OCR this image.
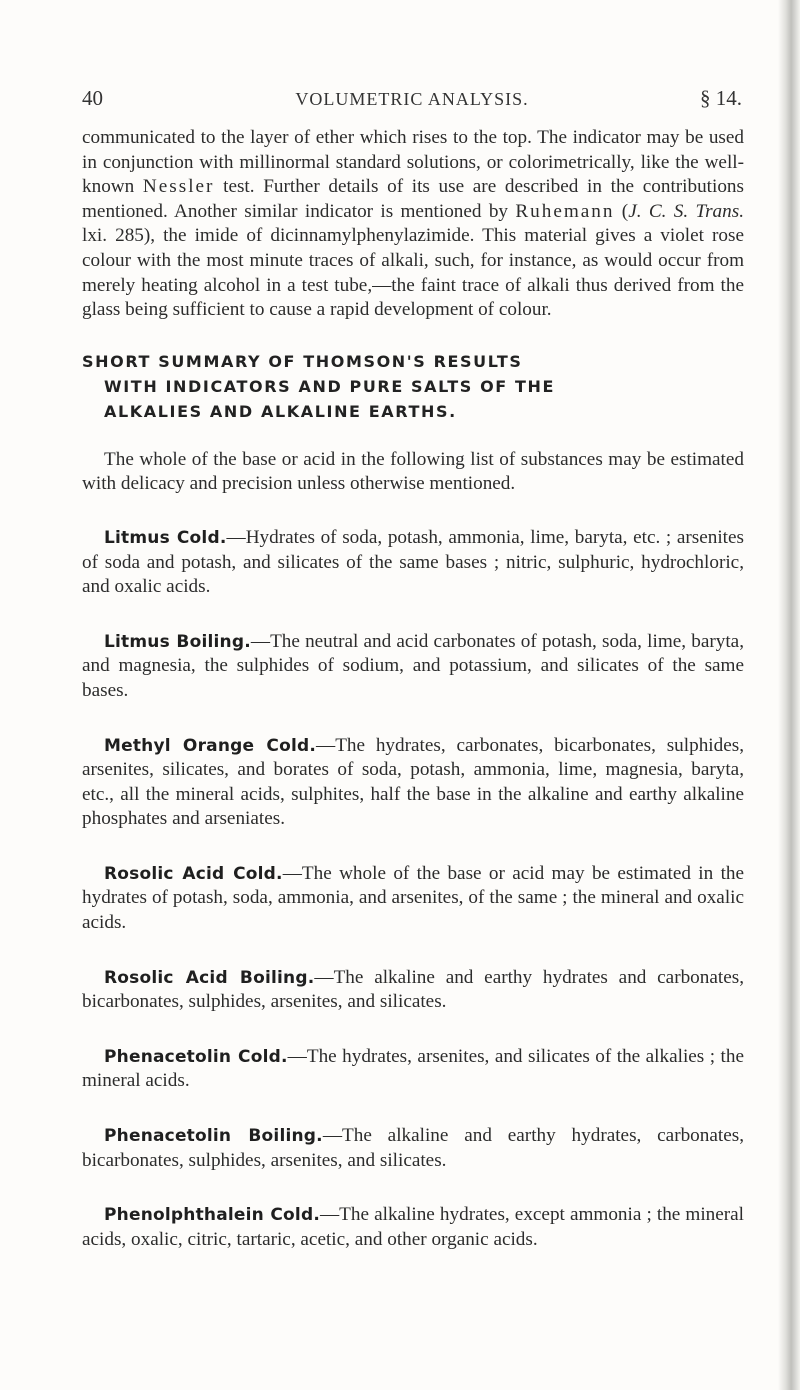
40	VOLUMETRIC ANALYSIS.	§ 14.

communicated to the layer of ether which rises to the top. The indicator may be used in conjunction with millinormal standard solutions, or colorimetrically, like the well-known Nessler test. Further details of its use are described in the contributions mentioned. Another similar indicator is mentioned by Ruhemann (J. C. S. Trans. lxi. 285), the imide of dicinnamylphenylazimide. This material gives a violet rose colour with the most minute traces of alkali, such, for instance, as would occur from merely heating alcohol in a test tube,—the faint trace of alkali thus derived from the glass being sufficient to cause a rapid development of colour.

SHORT SUMMARY OF THOMSON'S RESULTS
WITH INDICATORS AND PURE SALTS OF THE
ALKALIES AND ALKALINE EARTHS.

The whole of the base or acid in the following list of substances may be estimated with delicacy and precision unless otherwise mentioned.

Litmus Cold.—Hydrates of soda, potash, ammonia, lime, baryta, etc. ; arsenites of soda and potash, and silicates of the same bases ; nitric, sulphuric, hydrochloric, and oxalic acids.

Litmus Boiling.—The neutral and acid carbonates of potash, soda, lime, baryta, and magnesia, the sulphides of sodium, and potassium, and silicates of the same bases.

Methyl Orange Cold.—The hydrates, carbonates, bicarbonates, sulphides, arsenites, silicates, and borates of soda, potash, ammonia, lime, magnesia, baryta, etc., all the mineral acids, sulphites, half the base in the alkaline and earthy alkaline phosphates and arseniates.

Rosolic Acid Cold.—The whole of the base or acid may be estimated in the hydrates of potash, soda, ammonia, and arsenites, of the same ; the mineral and oxalic acids.

Rosolic Acid Boiling.—The alkaline and earthy hydrates and carbonates, bicarbonates, sulphides, arsenites, and silicates.

Phenacetolin Cold.—The hydrates, arsenites, and silicates of the alkalies ; the mineral acids.

Phenacetolin Boiling.—The alkaline and earthy hydrates, carbonates, bicarbonates, sulphides, arsenites, and silicates.

Phenolphthalein Cold.—The alkaline hydrates, except ammonia ; the mineral acids, oxalic, citric, tartaric, acetic, and other organic acids.
